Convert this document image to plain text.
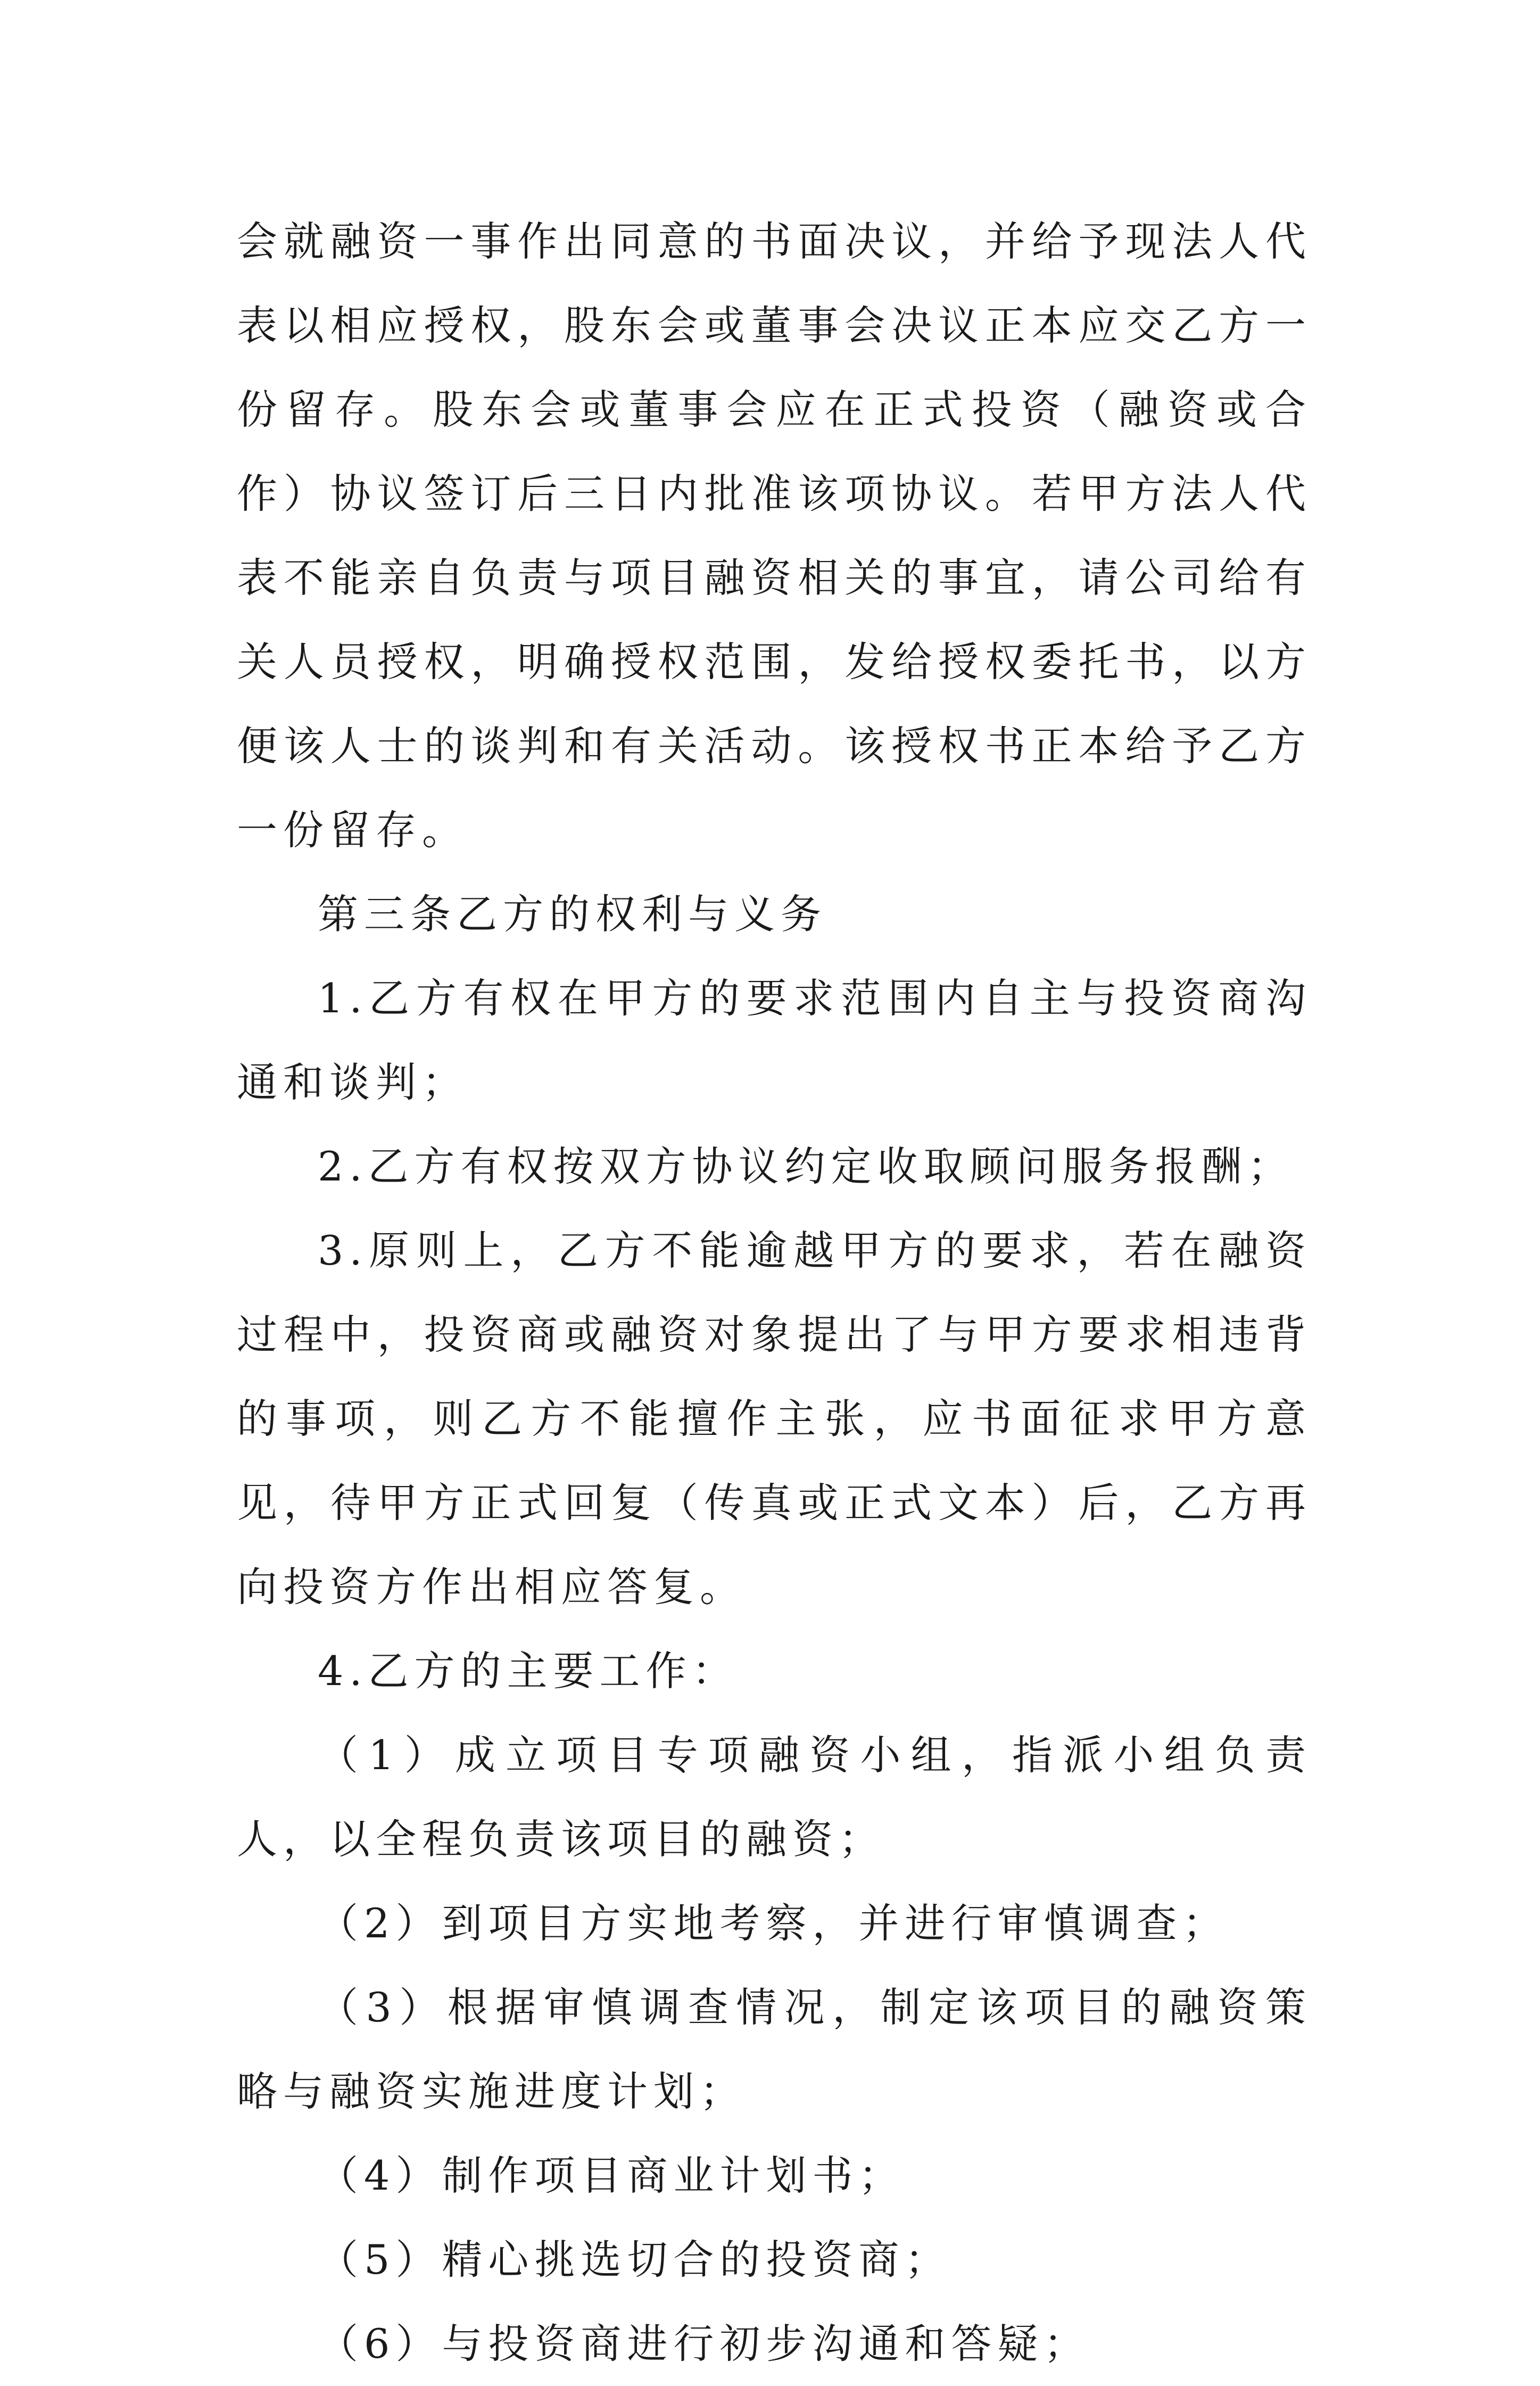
会就融资一事作出同意的书面决议，并给予现法人代表以相应授权，股东会或董事会决议正本应交乙方一份留存。股东会或董事会应在正式投资（融资或合作）协议签订后三日内批准该项协议。若甲方法人代表不能亲自负责与项目融资相关的事宜，请公司给有关人员授权，明确授权范围，发给授权委托书，以方便该人士的谈判和有关活动。该授权书正本给予乙方一份留存。

第三条乙方的权利与义务

1.乙方有权在甲方的要求范围内自主与投资商沟通和谈判；

2.乙方有权按双方协议约定收取顾问服务报酬；

3.原则上，乙方不能逾越甲方的要求，若在融资过程中，投资商或融资对象提出了与甲方要求相违背的事项，则乙方不能擅作主张，应书面征求甲方意见，待甲方正式回复（传真或正式文本）后，乙方再向投资方作出相应答复。

4.乙方的主要工作：

（1）成立项目专项融资小组，指派小组负责人，以全程负责该项目的融资；

（2）到项目方实地考察，并进行审慎调查；

（3）根据审慎调查情况，制定该项目的融资策略与融资实施进度计划；

（4）制作项目商业计划书；

（5）精心挑选切合的投资商；

（6）与投资商进行初步沟通和答疑；
